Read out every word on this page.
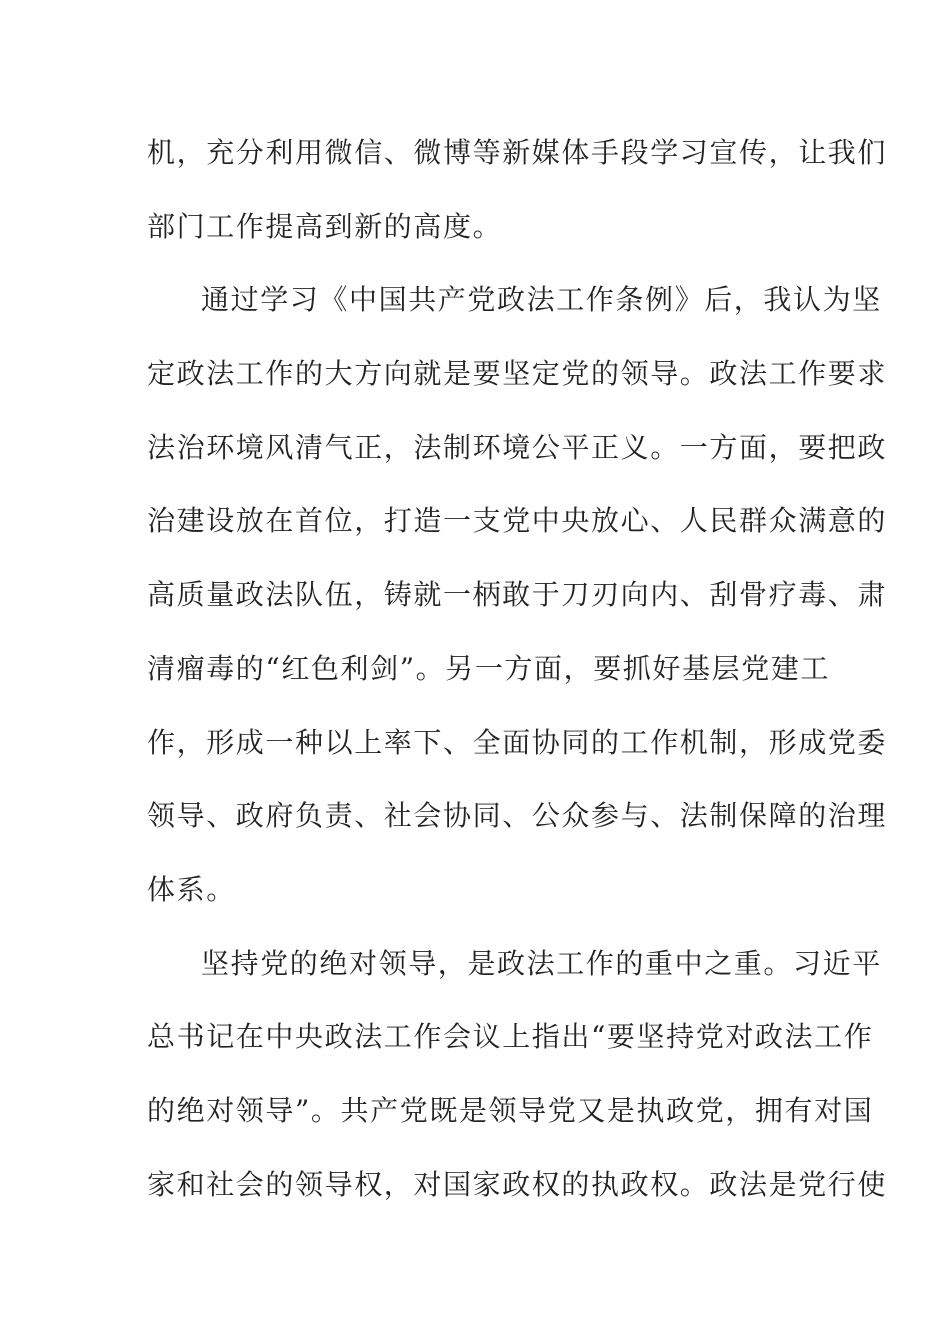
机，充分利用微信、微博等新媒体手段学习宣传，让我们
部门工作提高到新的高度。
通过学习《中国共产党政法工作条例》后，我认为坚
定政法工作的大方向就是要坚定党的领导。政法工作要求
法治环境风清气正，法制环境公平正义。一方面，要把政
治建设放在首位，打造一支党中央放心、人民群众满意的
高质量政法队伍，铸就一柄敢于刀刃向内、刮骨疗毒、肃
清瘤毒的“红色利剑”。另一方面，要抓好基层党建工
作，形成一种以上率下、全面协同的工作机制，形成党委
领导、政府负责、社会协同、公众参与、法制保障的治理
体系。
坚持党的绝对领导，是政法工作的重中之重。习近平
总书记在中央政法工作会议上指出“要坚持党对政法工作
的绝对领导”。共产党既是领导党又是执政党，拥有对国
家和社会的领导权，对国家政权的执政权。政法是党行使
